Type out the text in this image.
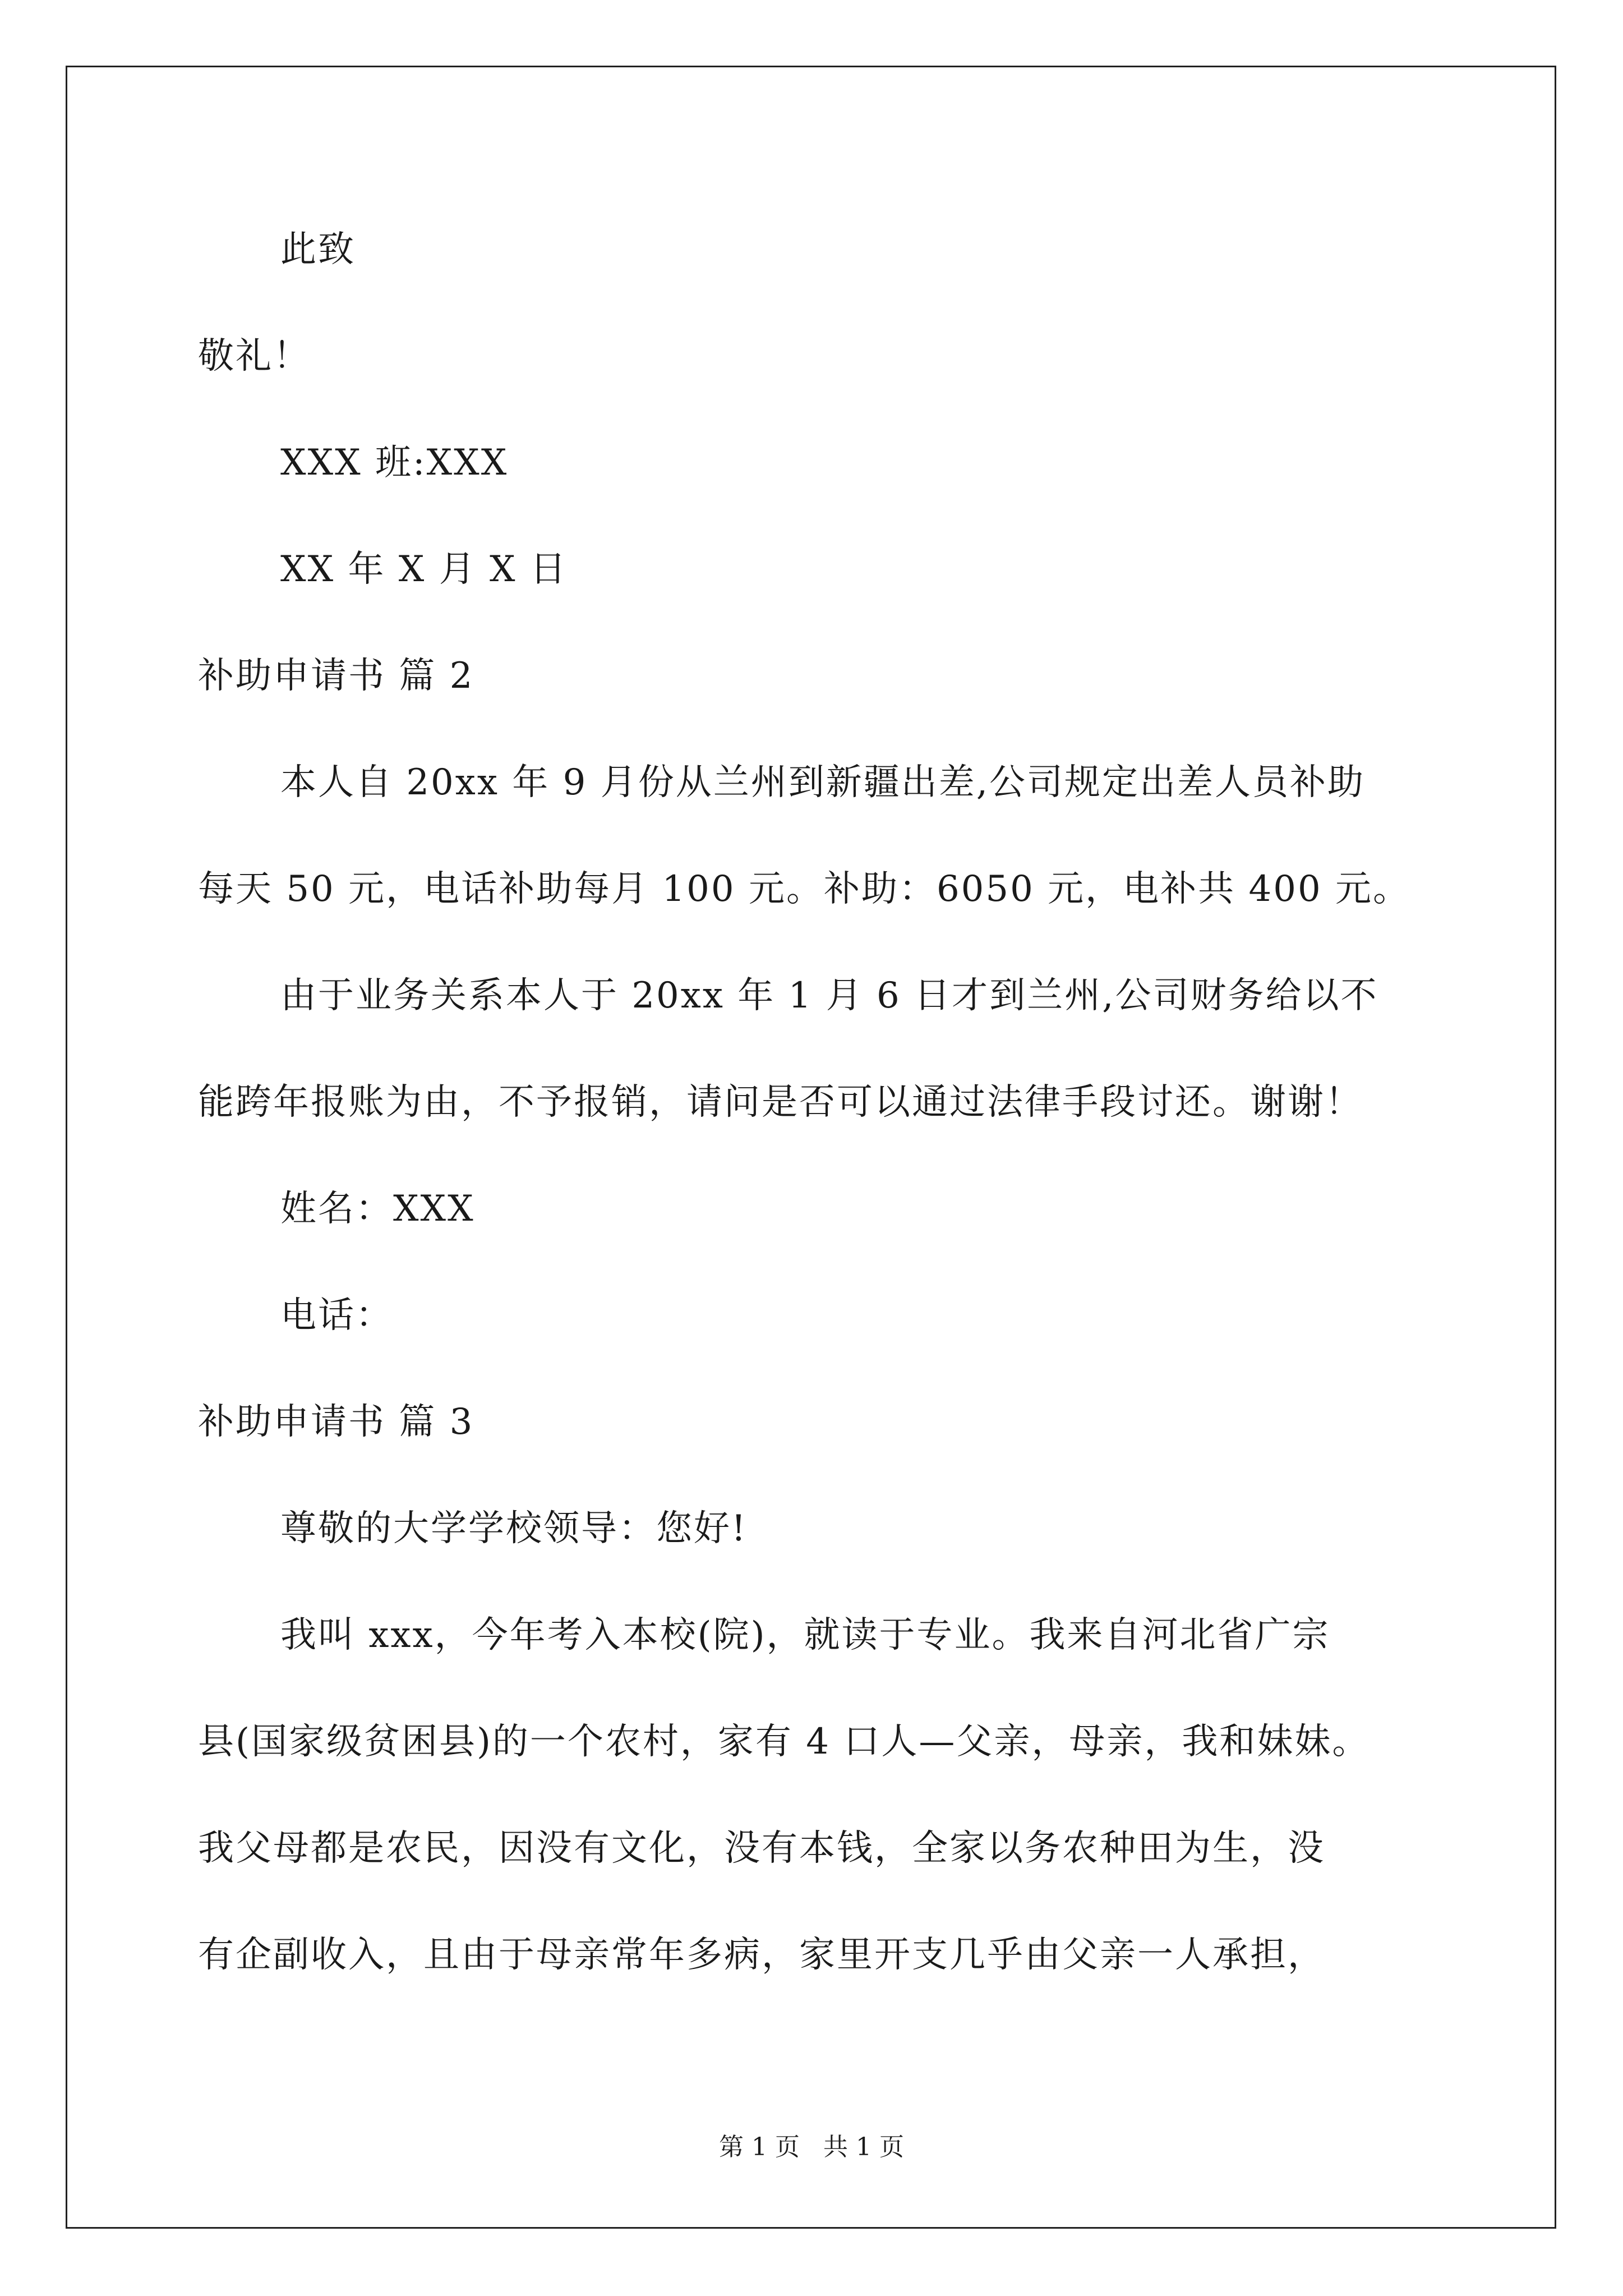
此致
敬礼！
XXX 班:XXX
XX 年 X 月 X 日
补助申请书 篇 2
本人自 20xx 年 9 月份从兰州到新疆出差,公司规定出差人员补助
每天 50 元，电话补助每月 100 元。补助：6050 元，电补共 400 元。
由于业务关系本人于 20xx 年 1 月 6 日才到兰州,公司财务给以不
能跨年报账为由，不予报销，请问是否可以通过法律手段讨还。谢谢！
姓名：XXX
电话：
补助申请书 篇 3
尊敬的大学学校领导：您好!
我叫 xxx，今年考入本校(院)，就读于专业。我来自河北省广宗
县(国家级贫困县)的一个农村，家有 4 口人—父亲，母亲，我和妹妹。
我父母都是农民，因没有文化，没有本钱，全家以务农种田为生，没
有企副收入，且由于母亲常年多病，家里开支几乎由父亲一人承担，
第 1 页   共 1 页
